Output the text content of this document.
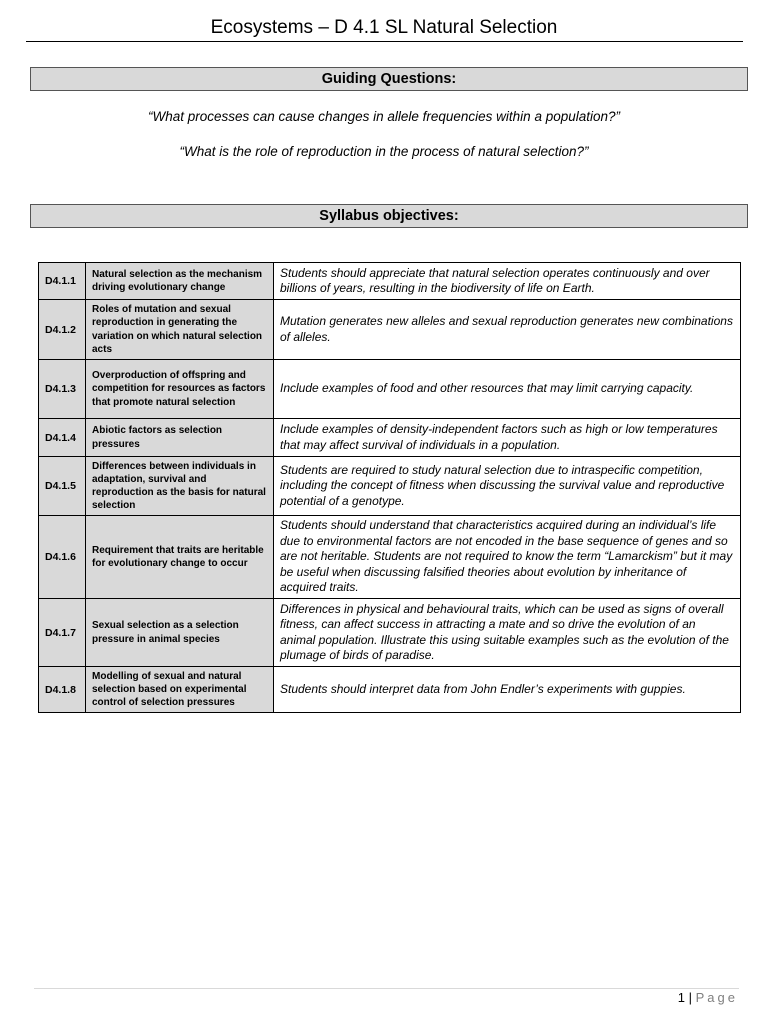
Ecosystems – D 4.1 SL Natural Selection
Guiding Questions:
“What processes can cause changes in allele frequencies within a population?”
“What is the role of reproduction in the process of natural selection?”
Syllabus objectives:
D4.1.1	Natural selection as the mechanism driving evolutionary change	Students should appreciate that natural selection operates continuously and over billions of years, resulting in the biodiversity of life on Earth.
D4.1.2	Roles of mutation and sexual reproduction in generating the variation on which natural selection acts	Mutation generates new alleles and sexual reproduction generates new combinations of alleles.
D4.1.3	Overproduction of offspring and competition for resources as factors that promote natural selection	Include examples of food and other resources that may limit carrying capacity.
D4.1.4	Abiotic factors as selection pressures	Include examples of density-independent factors such as high or low temperatures that may affect survival of individuals in a population.
D4.1.5	Differences between individuals in adaptation, survival and reproduction as the basis for natural selection	Students are required to study natural selection due to intraspecific competition, including the concept of fitness when discussing the survival value and reproductive potential of a genotype.
D4.1.6	Requirement that traits are heritable for evolutionary change to occur	Students should understand that characteristics acquired during an individual’s life due to environmental factors are not encoded in the base sequence of genes and so are not heritable. Students are not required to know the term “Lamarckism” but it may be useful when discussing falsified theories about evolution by inheritance of acquired traits.
D4.1.7	Sexual selection as a selection pressure in animal species	Differences in physical and behavioural traits, which can be used as signs of overall fitness, can affect success in attracting a mate and so drive the evolution of an animal population. Illustrate this using suitable examples such as the evolution of the plumage of birds of paradise.
D4.1.8	Modelling of sexual and natural selection based on experimental control of selection pressures	Students should interpret data from John Endler’s experiments with guppies.
1 | Page
